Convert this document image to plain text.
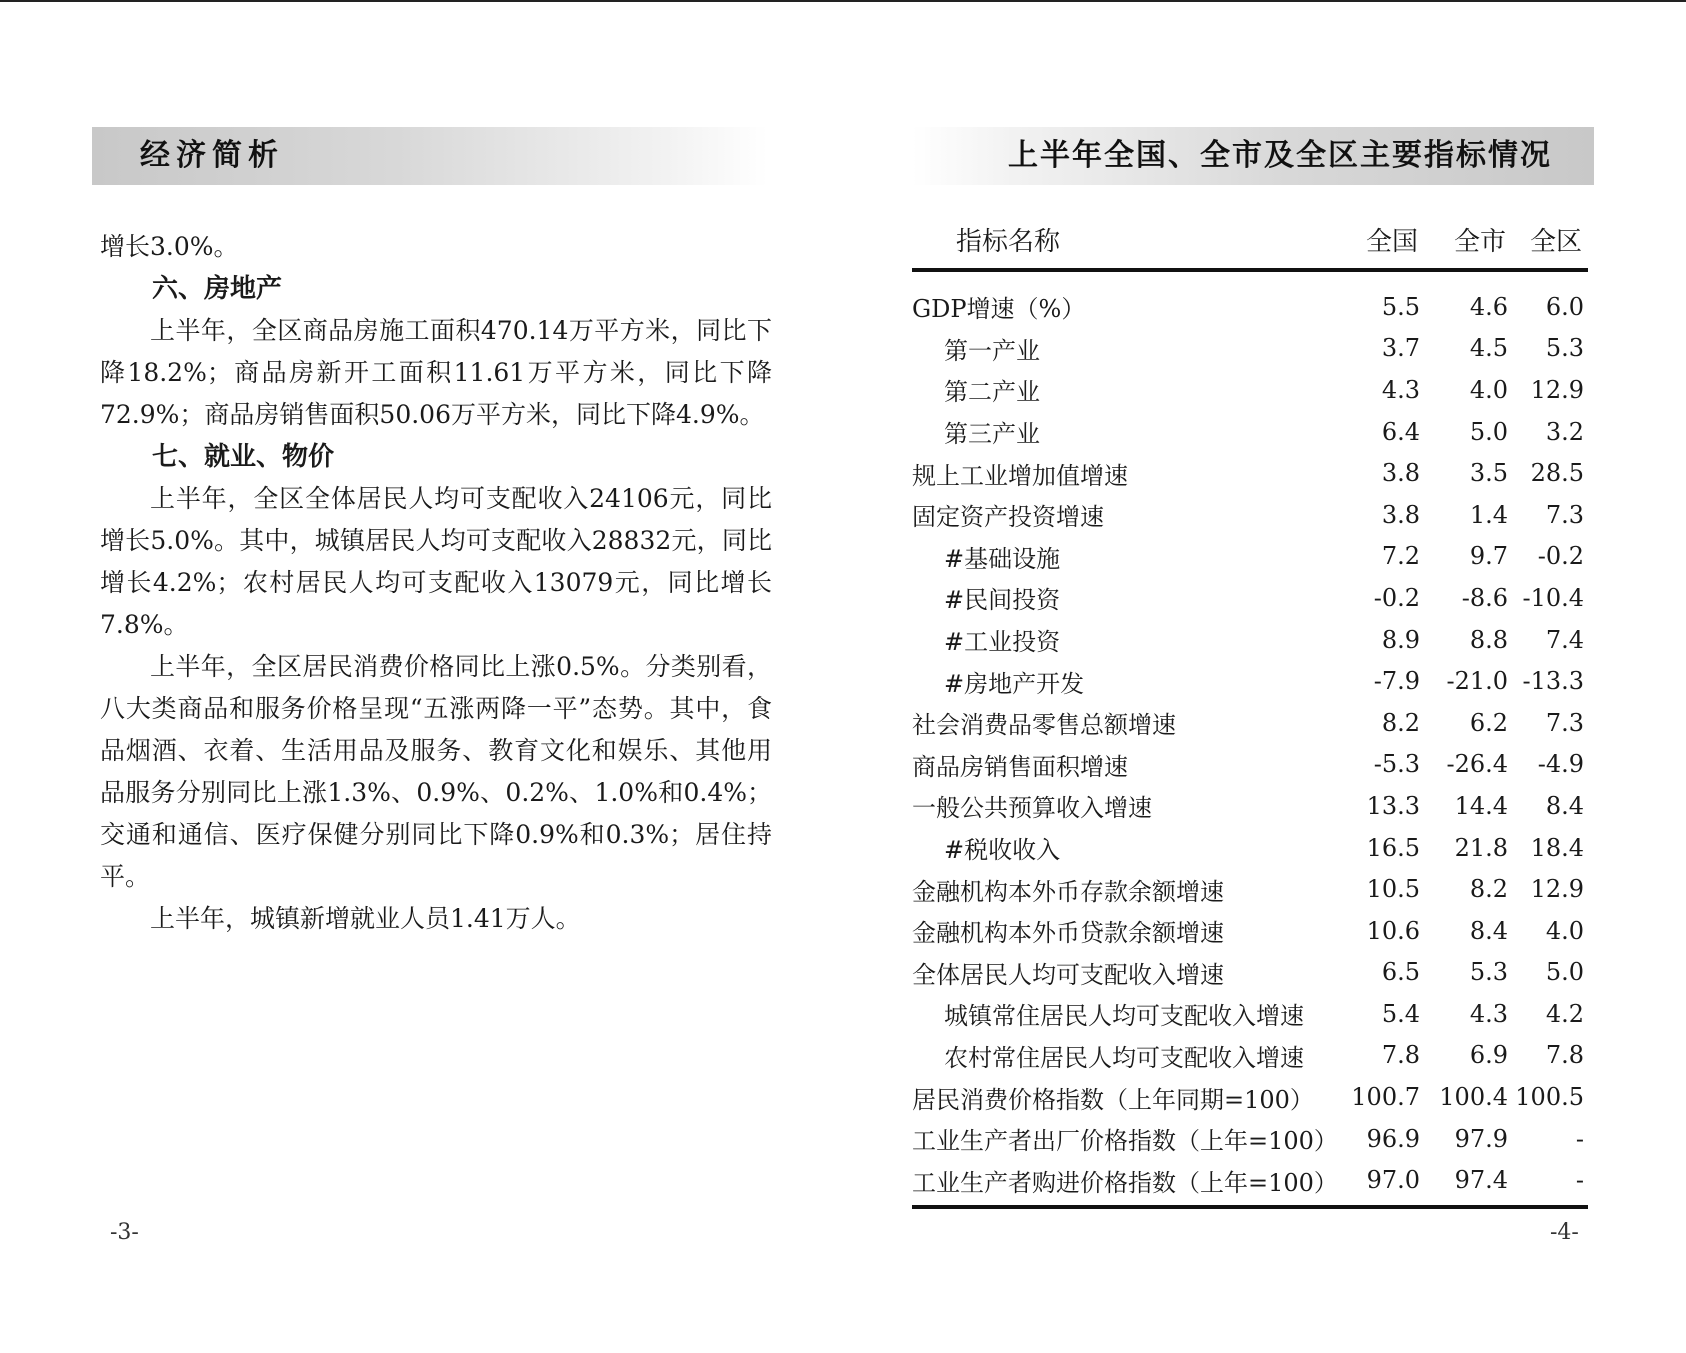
经济简析

增长3.0%。

六、房地产

上半年，全区商品房施工面积470.14万平方米，同比下降18.2%；商品房新开工面积11.61万平方米，同比下降72.9%；商品房销售面积50.06万平方米，同比下降4.9%。

七、就业、物价

上半年，全区全体居民人均可支配收入24106元，同比增长5.0%。其中，城镇居民人均可支配收入28832元，同比增长4.2%；农村居民人均可支配收入13079元，同比增长7.8%。

上半年，全区居民消费价格同比上涨0.5%。分类别看，八大类商品和服务价格呈现“五涨两降一平”态势。其中，食品烟酒、衣着、生活用品及服务、教育文化和娱乐、其他用品服务分别同比上涨1.3%、0.9%、0.2%、1.0%和0.4%；交通和通信、医疗保健分别同比下降0.9%和0.3%；居住持平。

上半年，城镇新增就业人员1.41万人。

-3-
上半年全国、全市及全区主要指标情况
指标名称	全国	全市	全区
GDP增速（%）	5.5	4.6	6.0
第一产业	3.7	4.5	5.3
第二产业	4.3	4.0	12.9
第三产业	6.4	5.0	3.2
规上工业增加值增速	3.8	3.5	28.5
固定资产投资增速	3.8	1.4	7.3
#基础设施	7.2	9.7	-0.2
#民间投资	-0.2	-8.6	-10.4
#工业投资	8.9	8.8	7.4
#房地产开发	-7.9	-21.0	-13.3
社会消费品零售总额增速	8.2	6.2	7.3
商品房销售面积增速	-5.3	-26.4	-4.9
一般公共预算收入增速	13.3	14.4	8.4
#税收收入	16.5	21.8	18.4
金融机构本外币存款余额增速	10.5	8.2	12.9
金融机构本外币贷款余额增速	10.6	8.4	4.0
全体居民人均可支配收入增速	6.5	5.3	5.0
城镇常住居民人均可支配收入增速	5.4	4.3	4.2
农村常住居民人均可支配收入增速	7.8	6.9	7.8
居民消费价格指数（上年同期=100）	100.7	100.4	100.5
工业生产者出厂价格指数（上年=100）	96.9	97.9	-
工业生产者购进价格指数（上年=100）	97.0	97.4	-
-4-
